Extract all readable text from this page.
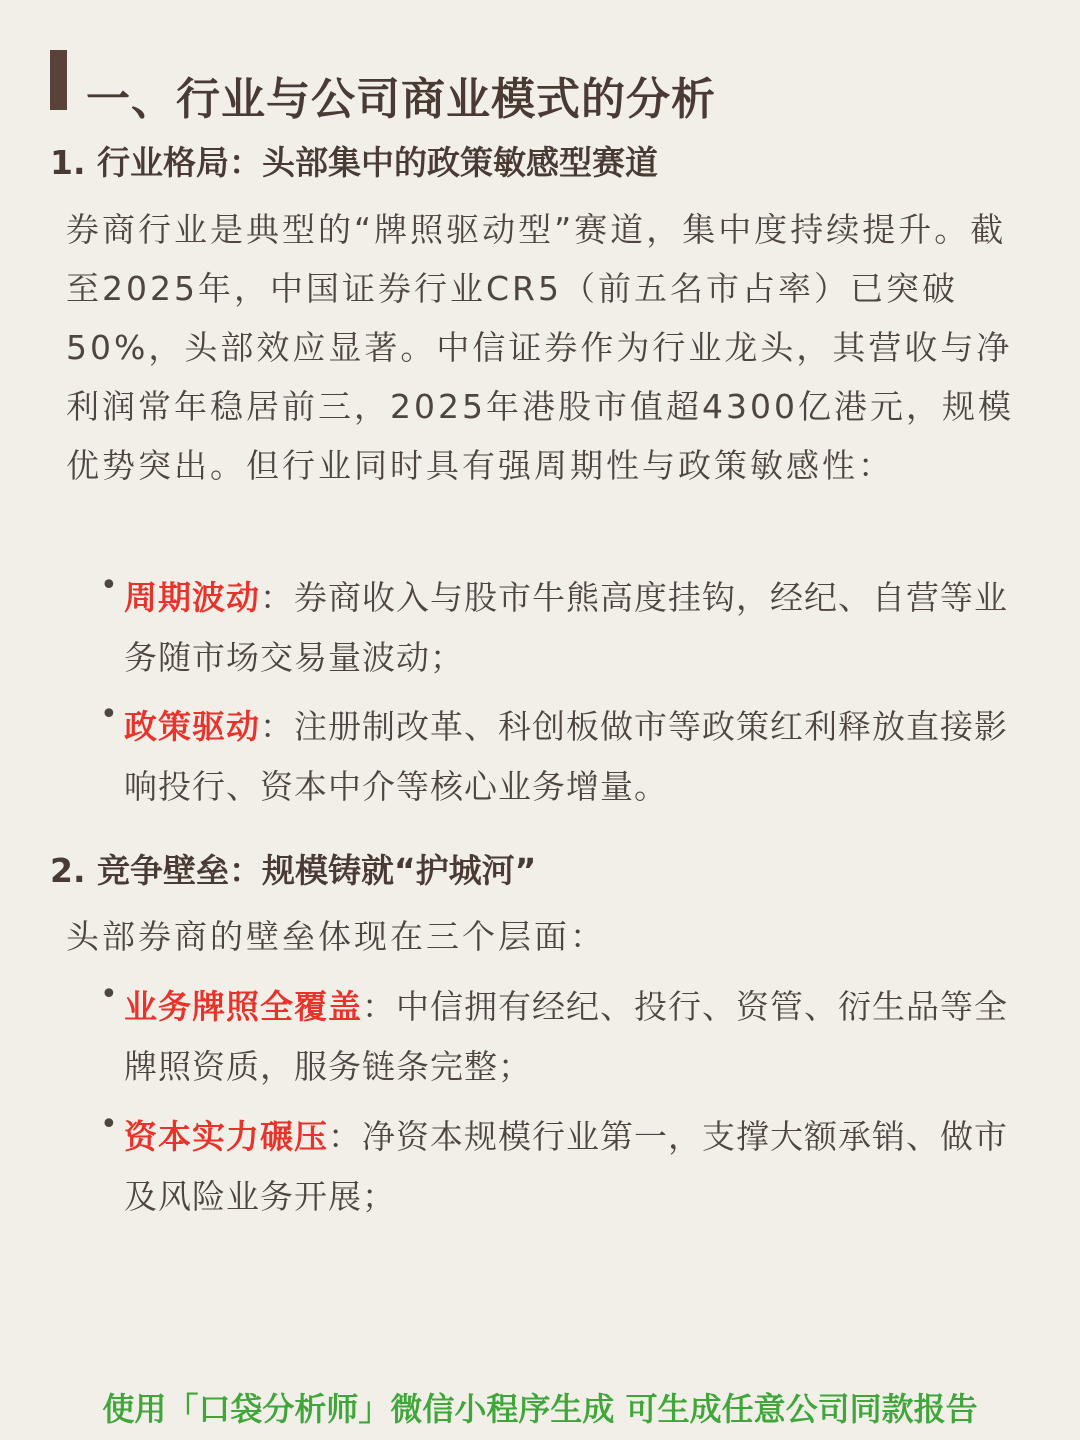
一、行业与公司商业模式的分析
1. 行业格局：头部集中的政策敏感型赛道

券商行业是典型的“牌照驱动型”赛道，集中度持续提升。截至2025年，中国证券行业CR5（前五名市占率）已突破50%，头部效应显著。中信证券作为行业龙头，其营收与净利润常年稳居前三，2025年港股市值超4300亿港元，规模优势突出。但行业同时具有强周期性与政策敏感性：

• 周期波动：券商收入与股市牛熊高度挂钩，经纪、自营等业务随市场交易量波动；
• 政策驱动：注册制改革、科创板做市等政策红利释放直接影响投行、资本中介等核心业务增量。
2. 竞争壁垒：规模铸就“护城河”

头部券商的壁垒体现在三个层面：

• 业务牌照全覆盖：中信拥有经纪、投行、资管、衍生品等全牌照资质，服务链条完整；
• 资本实力碾压：净资本规模行业第一，支撑大额承销、做市及风险业务开展；
使用「口袋分析师」微信小程序生成 可生成任意公司同款报告
